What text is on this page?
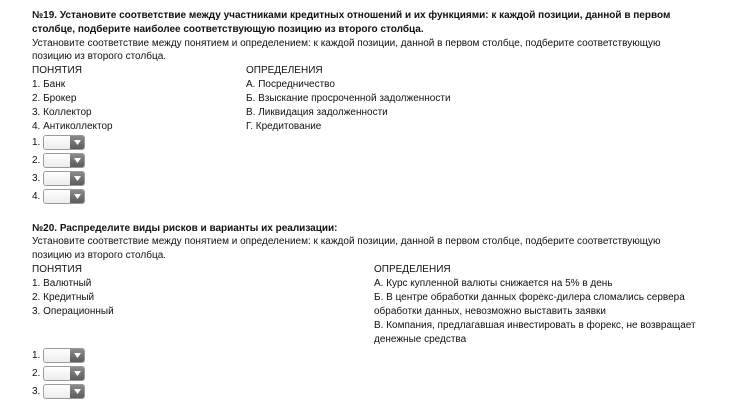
№19. Установите соответствие между участниками кредитных отношений и их функциями: к каждой позиции, данной в первом
столбце, подберите наиболее соответствующую позицию из второго столбца.
Установите соответствие между понятием и определением: к каждой позиции, данной в первом столбце, подберите соответствующую
позицию из второго столбца.
ПОНЯТИЯ
1. Банк
2. Брокер
3. Коллектор
4. Антиколлектор
ОПРЕДЕЛЕНИЯ
А. Посредничество
Б. Взыскание просроченной задолженности
В. Ликвидация задолженности
Г. Кредитование
1.
2.
3.
4.
№20. Распределите виды рисков и варианты их реализации:
Установите соответствие между понятием и определением: к каждой позиции, данной в первом столбце, подберите соответствующую
позицию из второго столбца.
ПОНЯТИЯ
1. Валютный
2. Кредитный
3. Операционный
ОПРЕДЕЛЕНИЯ
А. Курс купленной валюты снижается на 5% в день
Б. В центре обработки данных форекс-дилера сломались сервера
обработки данных, невозможно выставить заявки
В. Компания, предлагавшая инвестировать в форекс, не возвращает
денежные средства
1.
2.
3.
